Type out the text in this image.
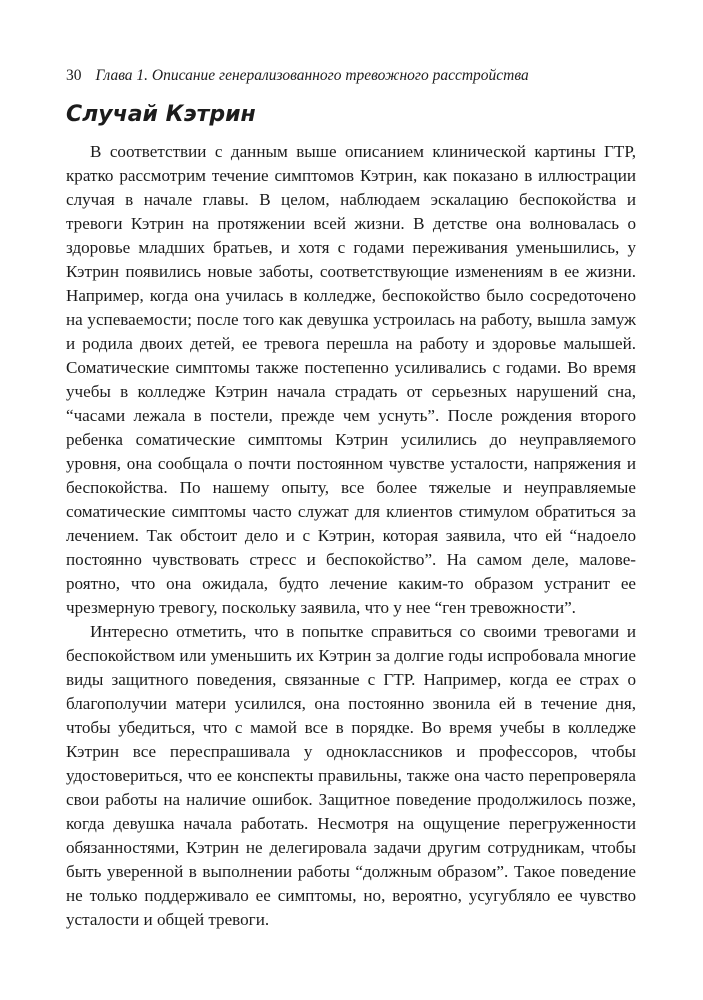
30 Глава 1. Описание генерализованного тревожного расстройства
Случай Кэтрин

В соответствии с данным выше описанием клинической картины ГТР, кратко рассмотрим течение симптомов Кэтрин, как показано в иллюстрации случая в начале главы. В целом, наблюдаем эскалацию беспокойства и тревоги Кэтрин на протяжении всей жизни. В детстве она волновалась о здоровье младших братьев, и хотя с годами переживания уменьшились, у Кэтрин появились новые заботы, соответствующие изменениям в ее жизни. Например, когда она училась в колледже, беспокойство было сосредоточено на успеваемости; после того как девушка устроилась на работу, вышла замуж и родила двоих детей, ее тревога перешла на работу и здоровье малышей. Соматические симптомы также постепенно усиливались с годами. Во время учебы в колледже Кэтрин начала страдать от серьезных нарушений сна, “часами лежала в постели, прежде чем уснуть”. После рождения второго ребенка соматические симптомы Кэтрин усилились до неуправляемого уровня, она сообщала о почти постоянном чувстве усталости, напряжения и беспокойства. По нашему опыту, все более тяжелые и неуправляемые соматические симптомы часто служат для клиентов стимулом обратиться за лечением. Так обстоит дело и с Кэтрин, которая заявила, что ей “надоело постоянно чувствовать стресс и беспокойство”. На самом деле, маловероятно, что она ожидала, будто лечение каким-то образом устранит ее чрезмерную тревогу, поскольку заявила, что у нее “ген тревожности”.

Интересно отметить, что в попытке справиться со своими тревогами и беспокойством или уменьшить их Кэтрин за долгие годы испробовала многие виды защитного поведения, связанные с ГТР. Например, когда ее страх о благополучии матери усилился, она постоянно звонила ей в течение дня, чтобы убедиться, что с мамой все в порядке. Во время учебы в колледже Кэтрин все переспрашивала у одноклассников и профессоров, чтобы удостовериться, что ее конспекты правильны, также она часто перепроверяла свои работы на наличие ошибок. Защитное поведение продолжилось позже, когда девушка начала работать. Несмотря на ощущение перегруженности обязанностями, Кэтрин не делегировала задачи другим сотрудникам, чтобы быть уверенной в выполнении работы “должным образом”. Такое поведение не только поддерживало ее симптомы, но, вероятно, усугубляло ее чувство усталости и общей тревоги.
